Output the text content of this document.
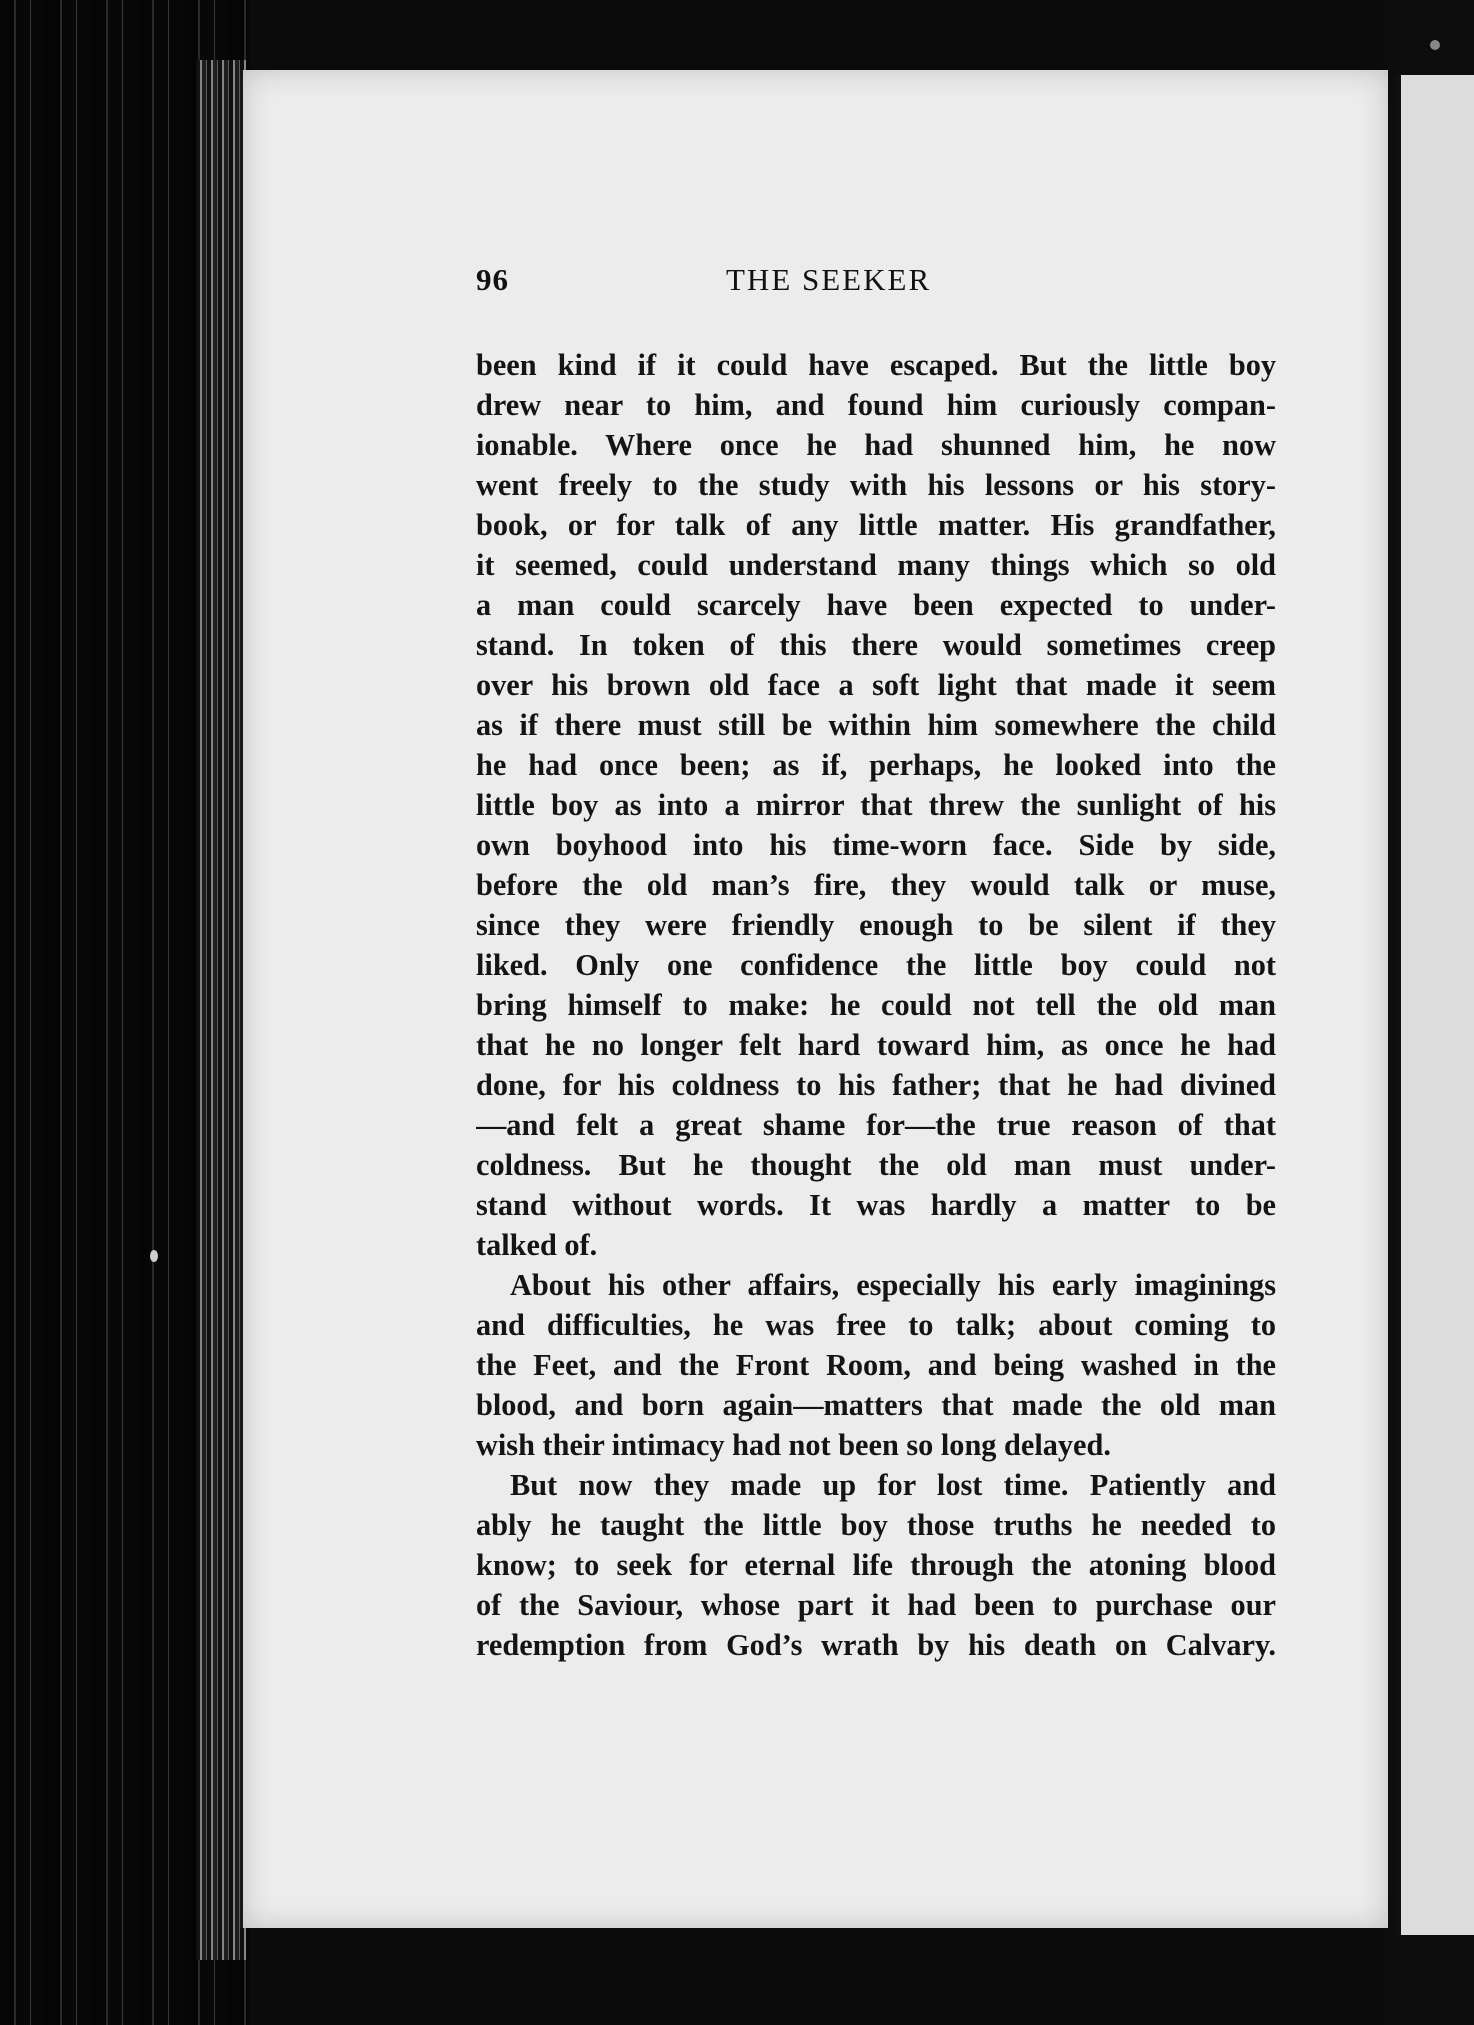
96	THE SEEKER
been kind if it could have escaped. But the little boy
drew near to him, and found him curiously compan-
ionable. Where once he had shunned him, he now
went freely to the study with his lessons or his story-
book, or for talk of any little matter. His grandfather,
it seemed, could understand many things which so old
a man could scarcely have been expected to under-
stand. In token of this there would sometimes creep
over his brown old face a soft light that made it seem
as if there must still be within him somewhere the child
he had once been; as if, perhaps, he looked into the
little boy as into a mirror that threw the sunlight of his
own boyhood into his time-worn face. Side by side,
before the old man’s fire, they would talk or muse,
since they were friendly enough to be silent if they
liked. Only one confidence the little boy could not
bring himself to make: he could not tell the old man
that he no longer felt hard toward him, as once he had
done, for his coldness to his father; that he had divined
—and felt a great shame for—the true reason of that
coldness. But he thought the old man must under-
stand without words. It was hardly a matter to be
talked of.
About his other affairs, especially his early imaginings
and difficulties, he was free to talk; about coming to
the Feet, and the Front Room, and being washed in the
blood, and born again—matters that made the old man
wish their intimacy had not been so long delayed.
But now they made up for lost time. Patiently and
ably he taught the little boy those truths he needed to
know; to seek for eternal life through the atoning blood
of the Saviour, whose part it had been to purchase our
redemption from God’s wrath by his death on Calvary.
